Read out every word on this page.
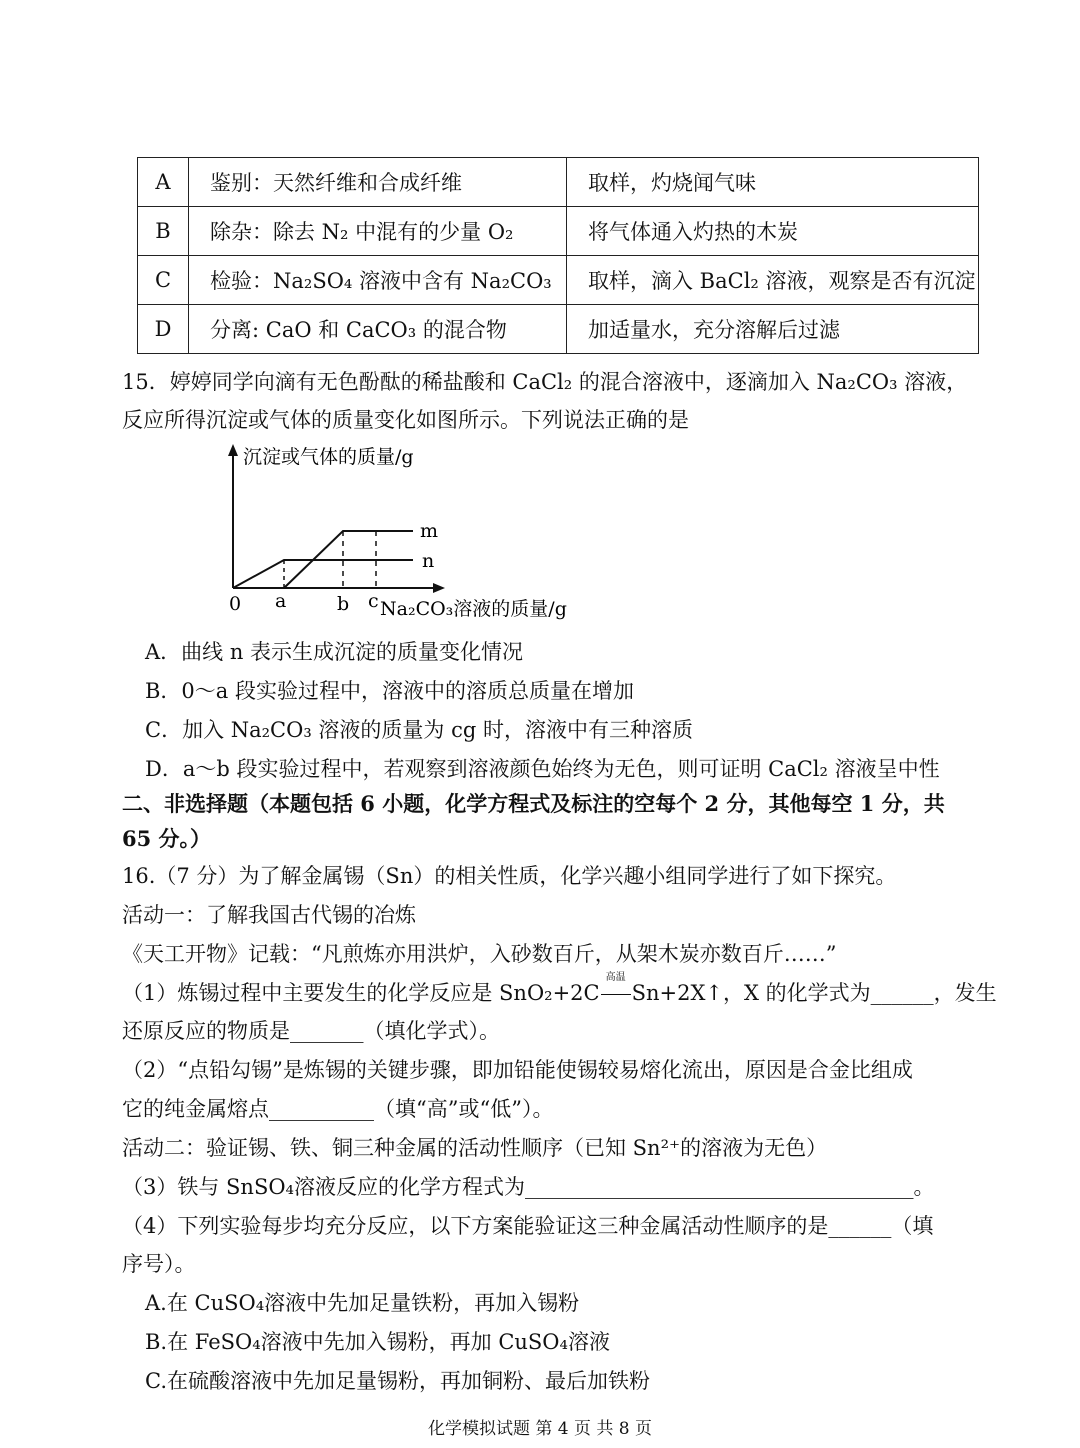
A	鉴别：天然纤维和合成纤维	取样，灼烧闻气味
B	除杂：除去 N₂ 中混有的少量 O₂	将气体通入灼热的木炭
C	检验：Na₂SO₄ 溶液中含有 Na₂CO₃	取样，滴入 BaCl₂ 溶液，观察是否有沉淀
D	分离: CaO 和 CaCO₃ 的混合物	加适量水，充分溶解后过滤
15．婷婷同学向滴有无色酚酞的稀盐酸和 CaCl₂ 的混合溶液中，逐滴加入 Na₂CO₃ 溶液，
反应所得沉淀或气体的质量变化如图所示。下列说法正确的是
沉淀或气体的质量/g
m
n
0 a	b c Na₂CO₃溶液的质量/g
A．曲线 n 表示生成沉淀的质量变化情况
B．0～a 段实验过程中，溶液中的溶质总质量在增加
C．加入 Na₂CO₃ 溶液的质量为 cg 时，溶液中有三种溶质
D．a～b 段实验过程中，若观察到溶液颜色始终为无色，则可证明 CaCl₂ 溶液呈中性
二、非选择题（本题包括 6 小题，化学方程式及标注的空每个 2 分，其他每空 1 分，共
65 分。）
16.（7 分）为了解金属锡（Sn）的相关性质，化学兴趣小组同学进行了如下探究。
活动一：了解我国古代锡的冶炼
《天工开物》记载：“凡煎炼亦用洪炉，入砂数百斤，从架木炭亦数百斤……”
（1）炼锡过程中主要发生的化学反应是 SnO₂+2C
高温
Sn+2X↑，X 的化学式为______，发生
还原反应的物质是_______（填化学式）。
（2）“点铅勾锡”是炼锡的关键步骤，即加铅能使锡较易熔化流出，原因是合金比组成
它的纯金属熔点__________（填“高”或“低”）。
活动二：验证锡、铁、铜三种金属的活动性顺序（已知 Sn²⁺的溶液为无色）
（3）铁与 SnSO₄溶液反应的化学方程式为_____________________________________。
（4）下列实验每步均充分反应，以下方案能验证这三种金属活动性顺序的是______（填
序号）。
A.在 CuSO₄溶液中先加足量铁粉，再加入锡粉
B.在 FeSO₄溶液中先加入锡粉，再加 CuSO₄溶液
C.在硫酸溶液中先加足量锡粉，再加铜粉、最后加铁粉
化学模拟试题 第 4 页 共 8 页
